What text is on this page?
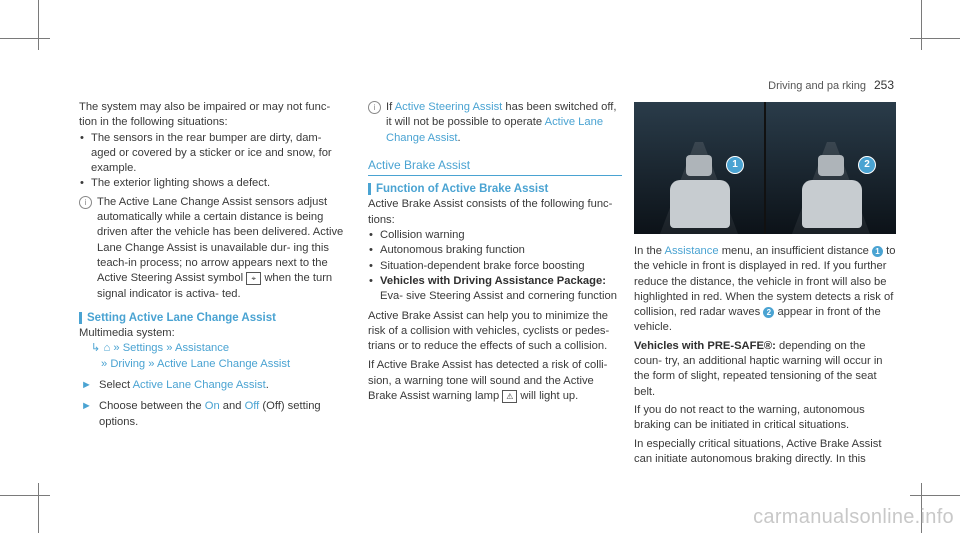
Driving and pa rking 253

The system may also be impaired or may not func‐ tion in the following situations:

• The sensors in the rear bumper are dirty, dam‐ aged or covered by a sticker or ice and snow, for example.

• The exterior lighting shows a defect.

i The Active Lane Change Assist sensors adjust automatically while a certain distance is being driven after the vehicle has been delivered. Active Lane Change Assist is unavailable dur‐ ing this teach-in process; no arrow appears next to the Active Steering Assist symbol ⌖ when the turn signal indicator is activa‐ ted.
Setting Active Lane Change Assist

Multimedia system:

↳ ⌂ » Settings » Assistance

» Driving » Active Lane Change Assist

► Select Active Lane Change Assist.

► Choose between the On and Off (Off) setting options.

i If Active Steering Assist has been switched off, it will not be possible to operate Active Lane Change Assist.
Active Brake Assist
Function of Active Brake Assist

Active Brake Assist consists of the following func‐ tions:

• Collision warning

• Autonomous braking function

• Situation-dependent brake force boosting

• Vehicles with Driving Assistance Package: Eva‐ sive Steering Assist and cornering function

Active Brake Assist can help you to minimize the risk of a collision with vehicles, cyclists or pedes‐ trians or to reduce the effects of such a collision.

If Active Brake Assist has detected a risk of colli‐ sion, a warning tone will sound and the Active Brake Assist warning lamp ⚠ will light up.

1	2

In the Assistance menu, an insufficient distance 1 to the vehicle in front is displayed in red. If you further reduce the distance, the vehicle in front will also be highlighted in red. When the system detects a risk of collision, red radar waves 2 appear in front of the vehicle.

Vehicles with PRE-SAFE®: depending on the coun‐ try, an additional haptic warning will occur in the form of slight, repeated tensioning of the seat belt.

If you do not react to the warning, autonomous braking can be initiated in critical situations.

In especially critical situations, Active Brake Assist can initiate autonomous braking directly. In this

carmanualsonline.info
